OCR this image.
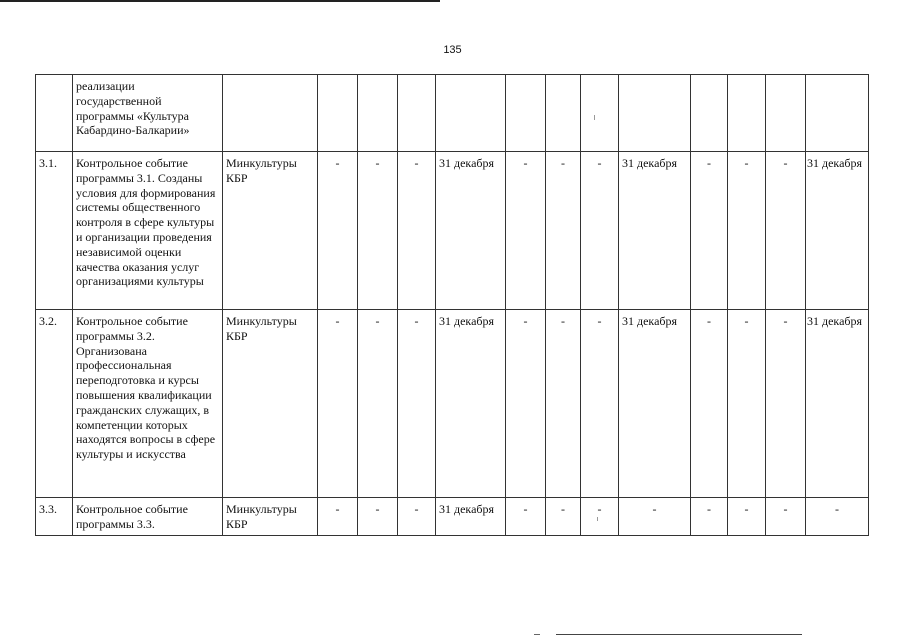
135
	реализации государственной программы «Культура Кабардино-Балкарии»													
3.1.	Контрольное событие программы 3.1. Созданы условия для формирования системы общественного контроля в сфере культуры и организации проведения независимой оценки качества оказания услуг организациями культуры	Минкультуры КБР	-	-	-	31 декабря	-	-	-	31 декабря	-	-	-	31 декабря
3.2.	Контрольное событие программы 3.2. Организована профессиональная переподготовка и курсы повышения квалификации гражданских служащих, в компетенции которых находятся вопросы в сфере культуры и искусства	Минкультуры КБР	-	-	-	31 декабря	-	-	-	31 декабря	-	-	-	31 декабря
3.3.	Контрольное событие программы 3.3.	Минкультуры КБР	-	-	-	31 декабря	-	-	-	-	-	-	-	-
